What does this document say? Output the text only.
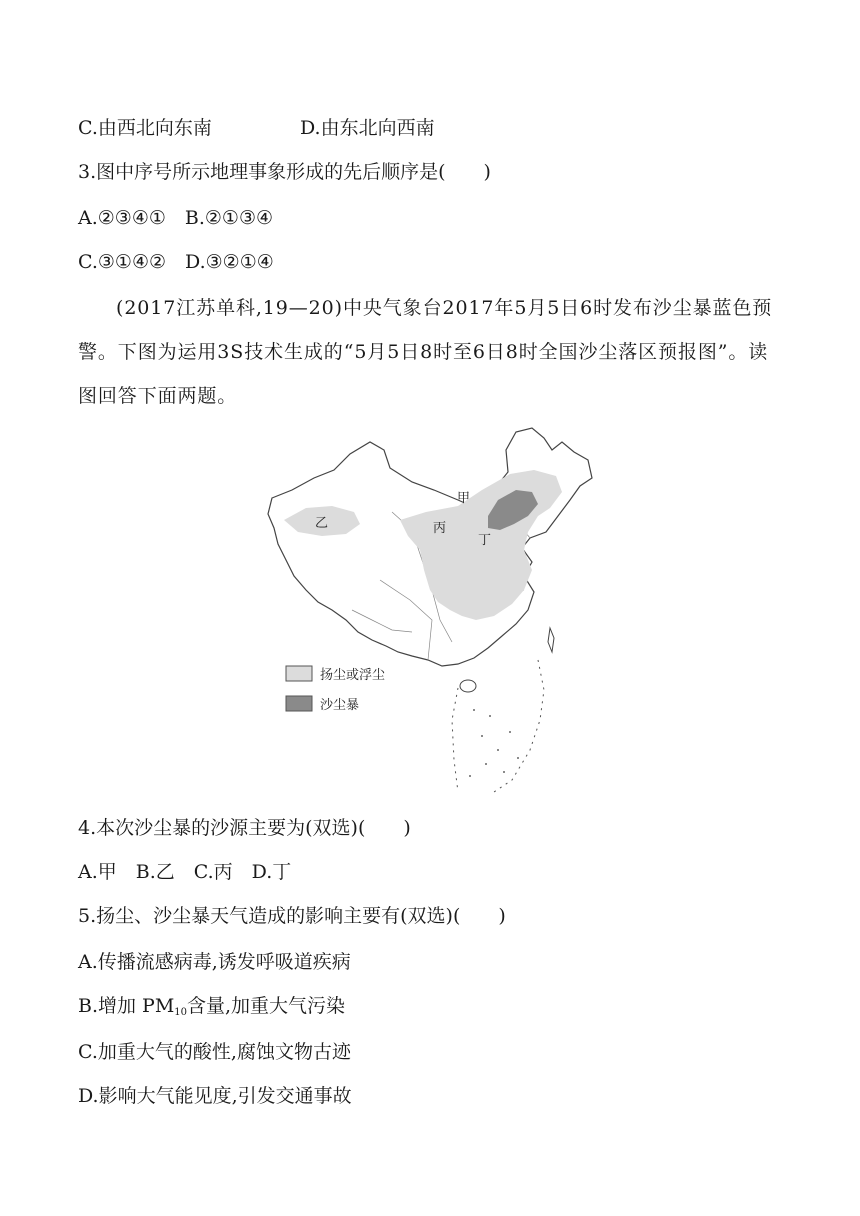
C.由西北向东南	D.由东北向西南
3.图中序号所示地理事象形成的先后顺序是(　　)
A.②③④①　B.②①③④
C.③①④②　D.③②①④
(2017江苏单科,19—20)中央气象台2017年5月5日6时发布沙尘暴蓝色预警。下图为运用3S技术生成的“5月5日8时至6日8时全国沙尘落区预报图”。读图回答下面两题。
甲
乙	丙
丁
扬尘或浮尘
沙尘暴
4.本次沙尘暴的沙源主要为(双选)(　　)
A.甲　B.乙　C.丙　D.丁
5.扬尘、沙尘暴天气造成的影响主要有(双选)(　　)
A.传播流感病毒,诱发呼吸道疾病
B.增加 $PM_{10}$含量,加重大气污染
C.加重大气的酸性,腐蚀文物古迹
D.影响大气能见度,引发交通事故
